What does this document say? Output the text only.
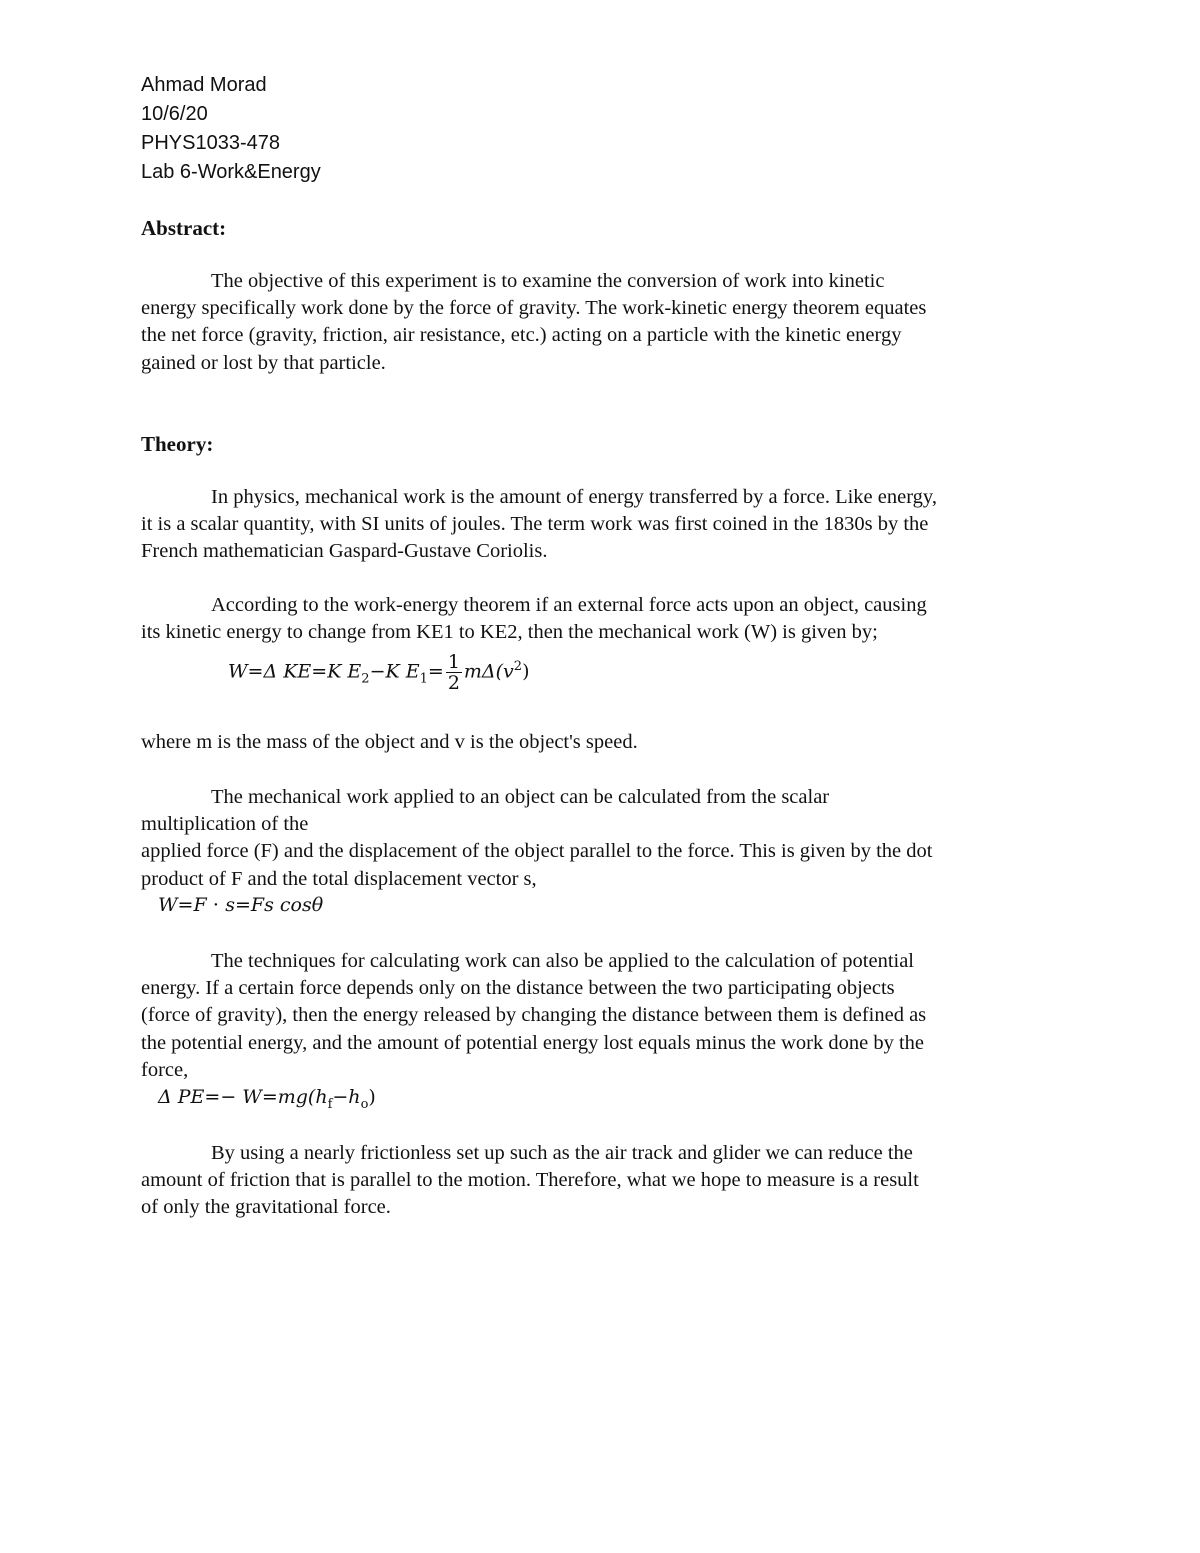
Ahmad Morad
10/6/20
PHYS1033-478
Lab 6-Work&Energy
Abstract:
The objective of this experiment is to examine the conversion of work into kinetic
energy specifically work done by the force of gravity. The work-kinetic energy theorem equates
the net force (gravity, friction, air resistance, etc.) acting on a particle with the kinetic energy
gained or lost by that particle.
Theory:
In physics, mechanical work is the amount of energy transferred by a force. Like energy,
it is a scalar quantity, with SI units of joules. The term work was first coined in the 1830s by the
French mathematician Gaspard-Gustave Coriolis.
According to the work-energy theorem if an external force acts upon an object, causing
its kinetic energy to change from KE1 to KE2, then the mechanical work (W) is given by;
W=Δ KE=K $E_2-K$ $E_1= \frac{1}{2} m\Delta(v^2)$
where m is the mass of the object and v is the object's speed.
The mechanical work applied to an object can be calculated from the scalar
multiplication of the
applied force (F) and the displacement of the object parallel to the force. This is given by the dot
product of F and the total displacement vector s,
W=F ⋅ s=Fs cosθ
The techniques for calculating work can also be applied to the calculation of potential
energy. If a certain force depends only on the distance between the two participating objects
(force of gravity), then the energy released by changing the distance between them is defined as
the potential energy, and the amount of potential energy lost equals minus the work done by the
force,
Δ $PE=- W=mg(h_f-h_o)$
By using a nearly frictionless set up such as the air track and glider we can reduce the
amount of friction that is parallel to the motion. Therefore, what we hope to measure is a result
of only the gravitational force.
